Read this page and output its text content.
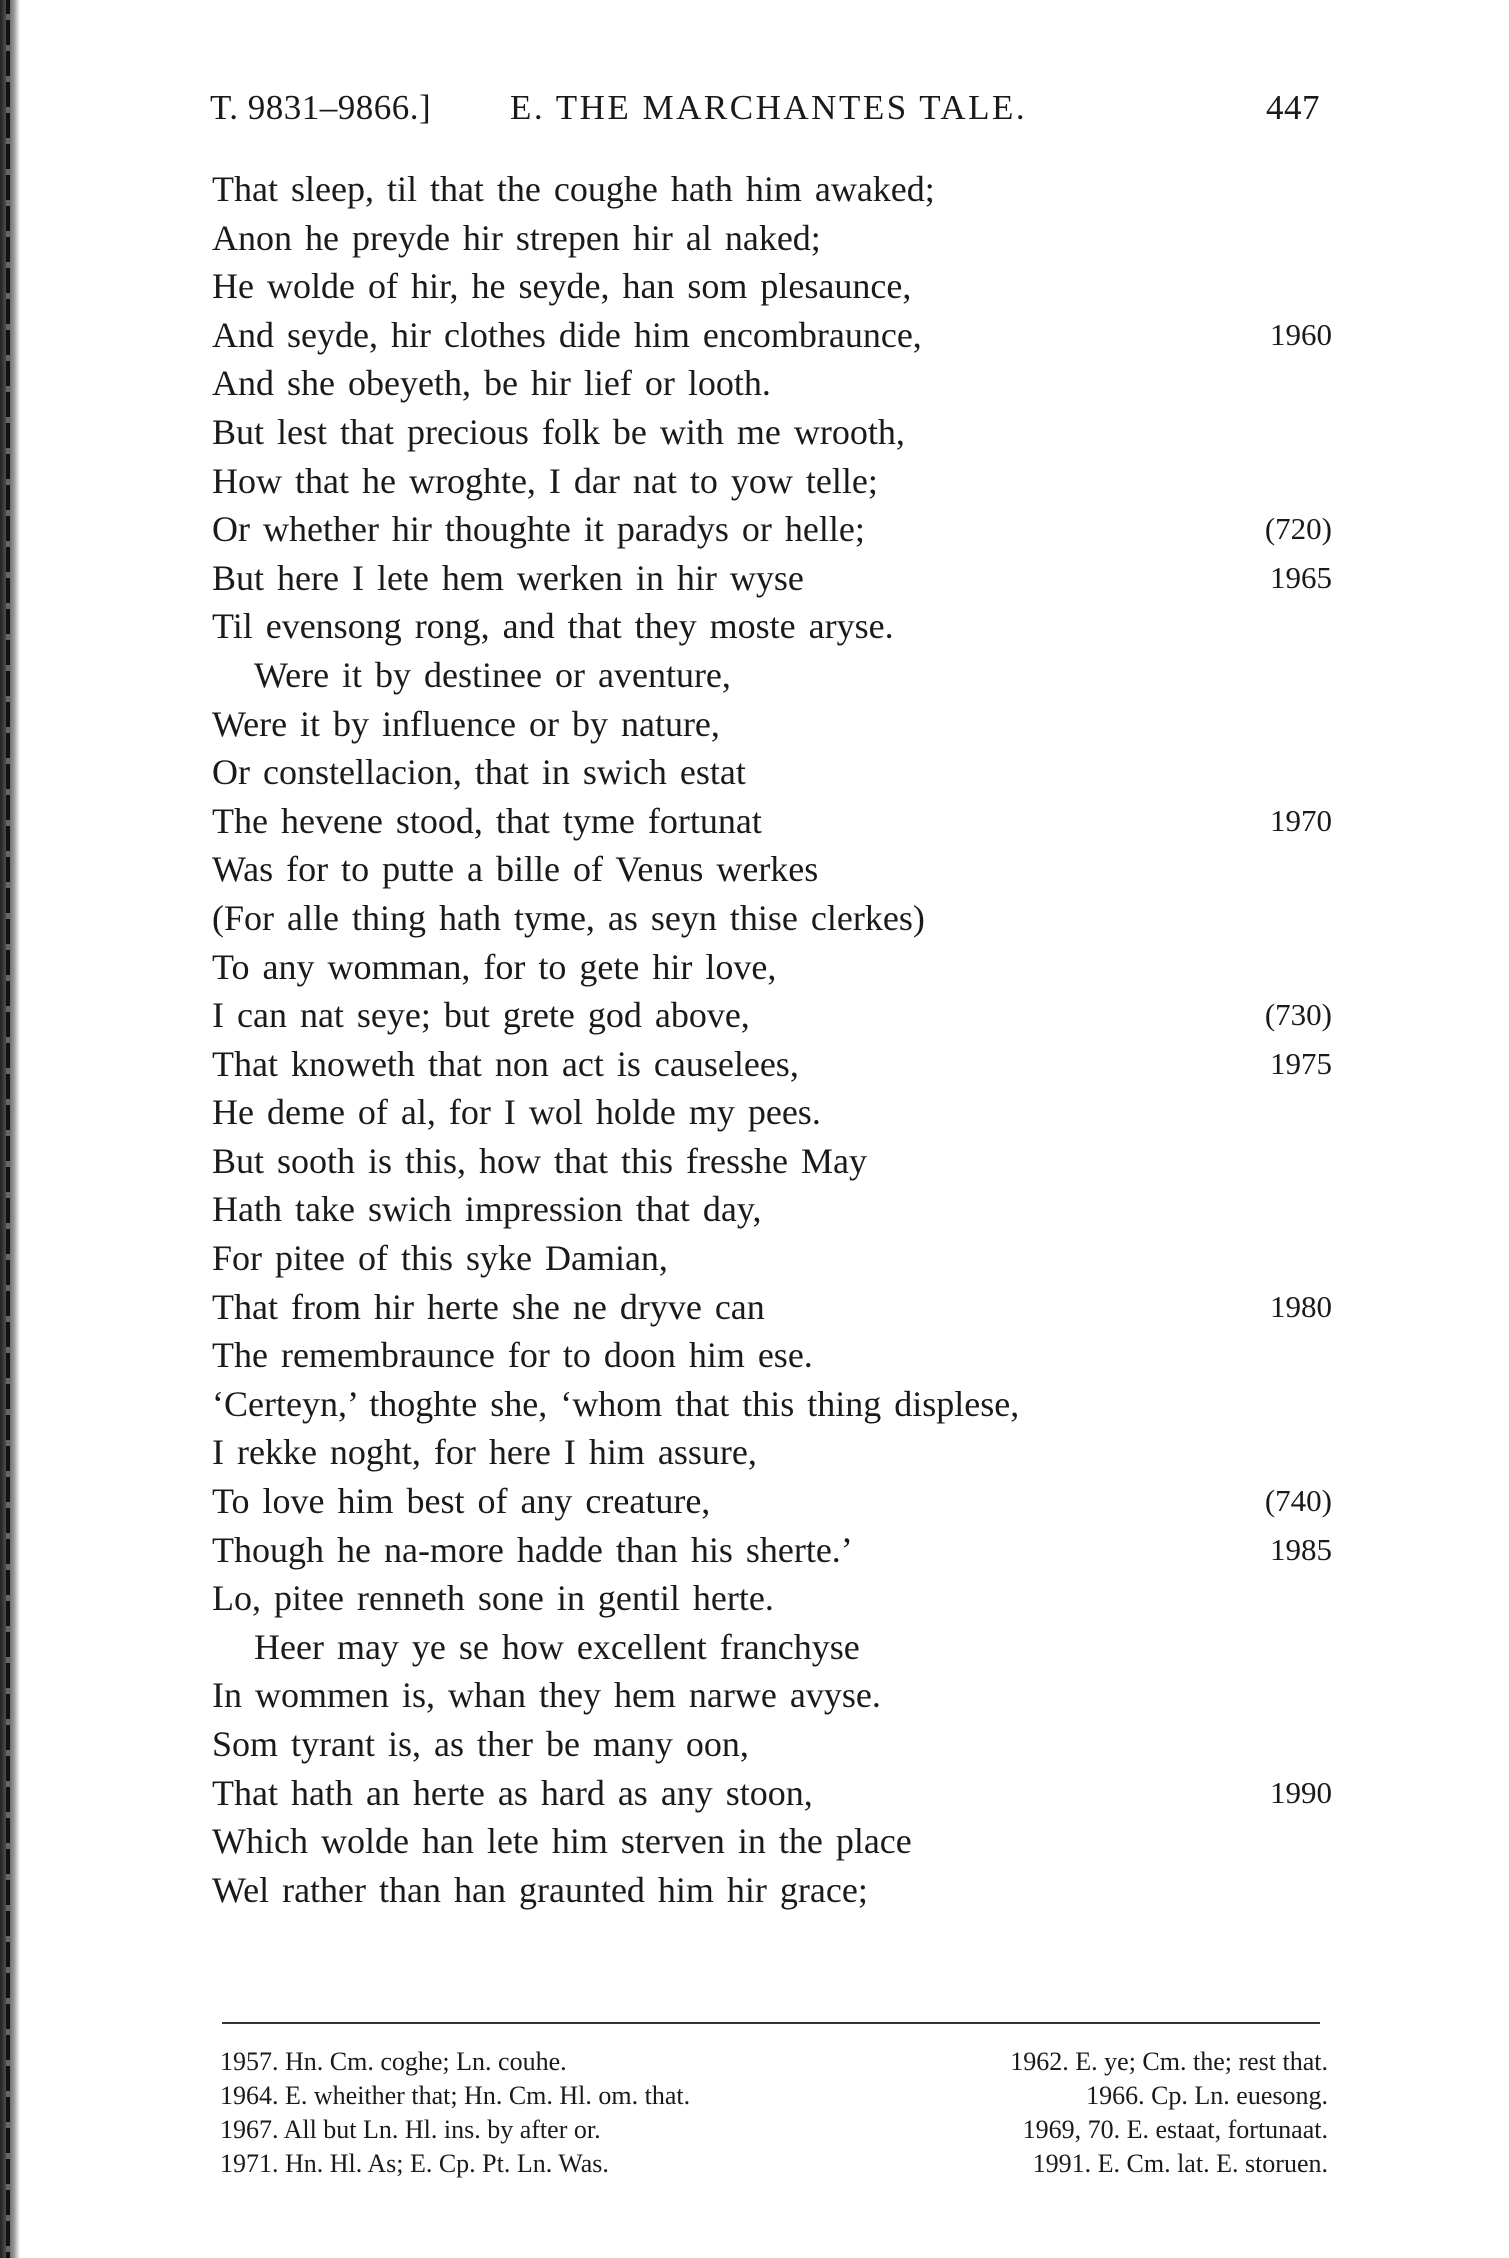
T. 9831–9866.] E. THE MARCHANTES TALE.	447
That sleep, til that the coughe hath him awaked;
Anon he preyde hir strepen hir al naked;
He wolde of hir, he seyde, han som plesaunce,
And seyde, hir clothes dide him encombraunce,	1960
And she obeyeth, be hir lief or looth.
But lest that precious folk be with me wrooth,
How that he wroghte, I dar nat to yow telle;
Or whether hir thoughte it paradys or helle;	(720)
But here I lete hem werken in hir wyse	1965
Til evensong rong, and that they moste aryse.
Were it by destinee or aventure,
Were it by influence or by nature,
Or constellacion, that in swich estat
The hevene stood, that tyme fortunat	1970
Was for to putte a bille of Venus werkes
(For alle thing hath tyme, as seyn thise clerkes)
To any womman, for to gete hir love,
I can nat seye; but grete god above,	(730)
That knoweth that non act is causelees,	1975
He deme of al, for I wol holde my pees.
But sooth is this, how that this fresshe May
Hath take swich impression that day,
For pitee of this syke Damian,
That from hir herte she ne dryve can	1980
The remembraunce for to doon him ese.
‘Certeyn,’ thoghte she, ‘whom that this thing displese,
I rekke noght, for here I him assure,
To love him best of any creature,	(740)
Though he na-more hadde than his sherte.’	1985
Lo, pitee renneth sone in gentil herte.
Heer may ye se how excellent franchyse
In wommen is, whan they hem narwe avyse.
Som tyrant is, as ther be many oon,
That hath an herte as hard as any stoon,	1990
Which wolde han lete him sterven in the place
Wel rather than han graunted him hir grace;
1957. Hn. Cm. coghe; Ln. couhe.	1962. E. ye; Cm. the; rest that.
1964. E. wheither that; Hn. Cm. Hl. om. that.	1966. Cp. Ln. euesong.
1967. All but Ln. Hl. ins. by after or.	1969, 70. E. estaat, fortunaat.
1971. Hn. Hl. As; E. Cp. Pt. Ln. Was.	1991. E. Cm. lat. E. storuen.
